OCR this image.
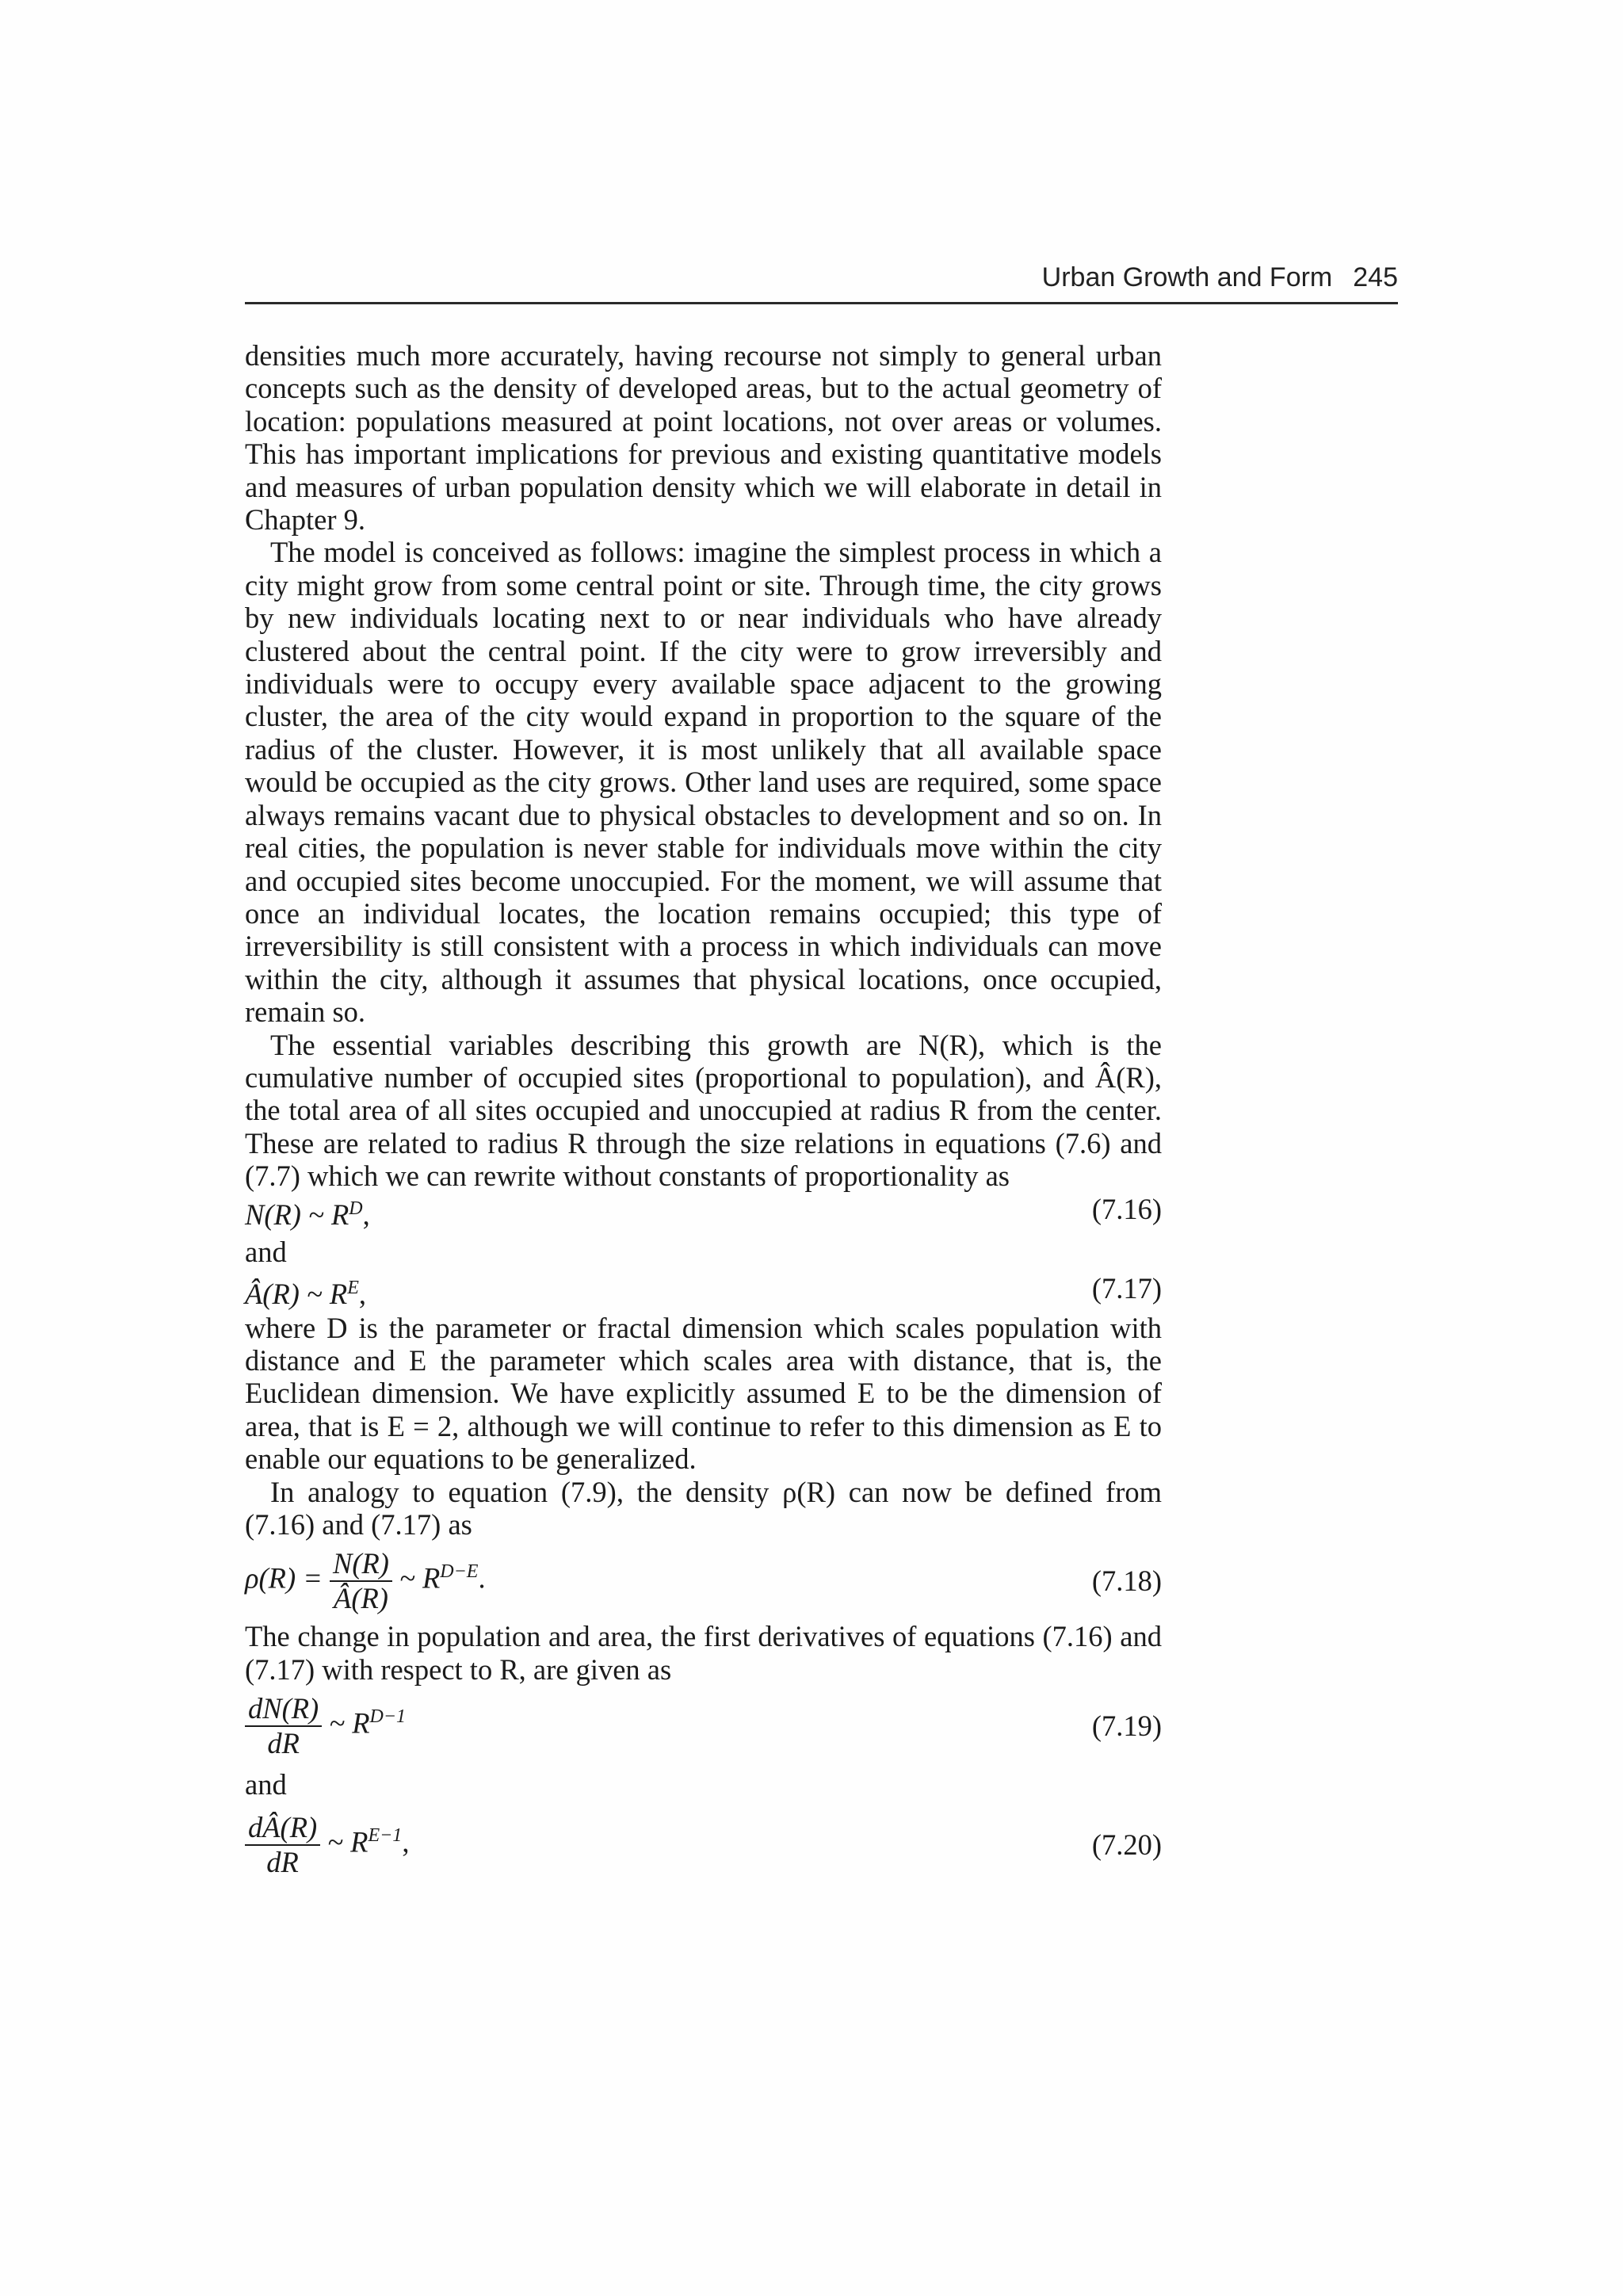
Urban Growth and Form 245

densities much more accurately, having recourse not simply to general urban concepts such as the density of developed areas, but to the actual geometry of location: populations measured at point locations, not over areas or volumes. This has important implications for previous and existing quantitative models and measures of urban population density which we will elaborate in detail in Chapter 9.

The model is conceived as follows: imagine the simplest process in which a city might grow from some central point or site. Through time, the city grows by new individuals locating next to or near individuals who have already clustered about the central point. If the city were to grow irreversibly and individuals were to occupy every available space adjacent to the growing cluster, the area of the city would expand in proportion to the square of the radius of the cluster. However, it is most unlikely that all available space would be occupied as the city grows. Other land uses are required, some space always remains vacant due to physical obstacles to development and so on. In real cities, the population is never stable for individuals move within the city and occupied sites become unoccupied. For the moment, we will assume that once an individual locates, the location remains occupied; this type of irreversibility is still consistent with a process in which individuals can move within the city, although it assumes that physical locations, once occupied, remain so.

The essential variables describing this growth are N(R), which is the cumulative number of occupied sites (proportional to population), and Â(R), the total area of all sites occupied and unoccupied at radius R from the center. These are related to radius R through the size relations in equations (7.6) and (7.7) which we can rewrite without constants of proportionality as

N(R) ~ $R^D$,	(7.16)
and
Â(R) ~ $R^E$,	(7.17)

where D is the parameter or fractal dimension which scales population with distance and E the parameter which scales area with distance, that is, the Euclidean dimension. We have explicitly assumed E to be the dimension of area, that is E = 2, although we will continue to refer to this dimension as E to enable our equations to be generalized.

In analogy to equation (7.9), the density ρ(R) can now be defined from (7.16) and (7.17) as

$\rho(R) = \frac{N(R)}{Â(R)}$ ~ $R^{D-E}$.	(7.18)

The change in population and area, the first derivatives of equations (7.16) and (7.17) with respect to R, are given as

$\frac{dN(R)}{dR}$ ~ $R^{D-1}$	(7.19)
and
$\frac{dÂ(R)}{dR}$ ~ $R^{E-1}$,	(7.20)
